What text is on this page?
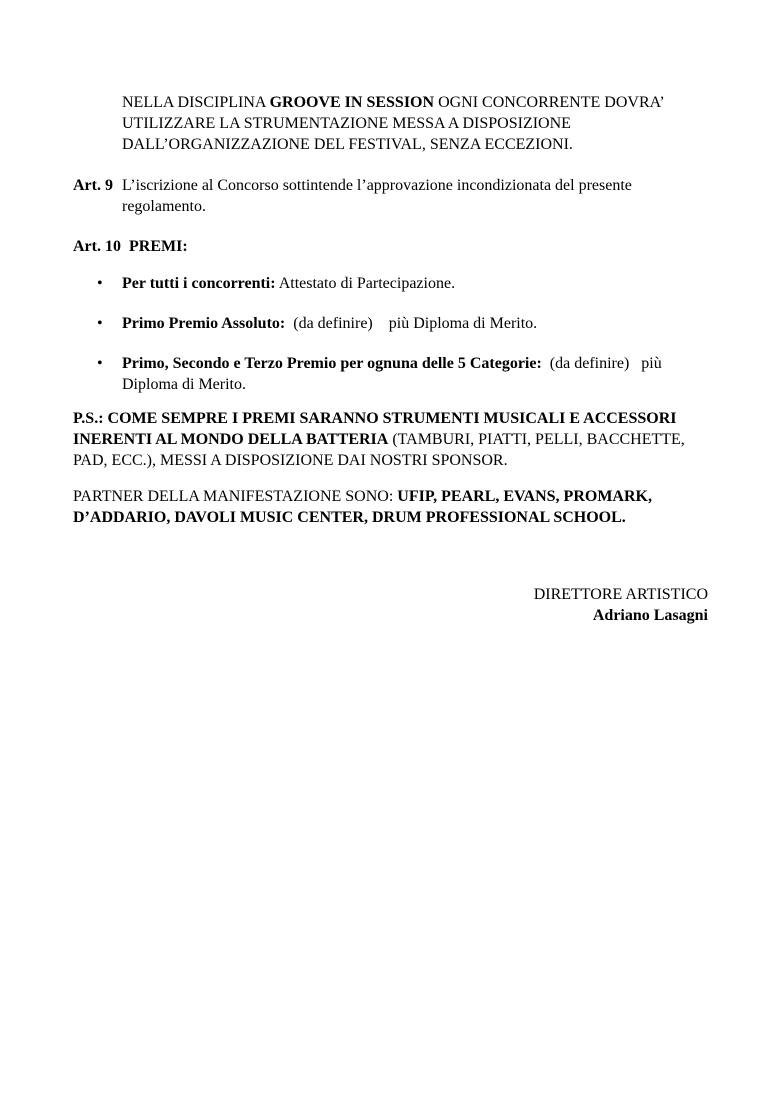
NELLA DISCIPLINA GROOVE IN SESSION OGNI CONCORRENTE DOVRA’
UTILIZZARE LA STRUMENTAZIONE MESSA A DISPOSIZIONE
DALL’ORGANIZZAZIONE DEL FESTIVAL, SENZA ECCEZIONI.
Art. 9 L’iscrizione al Concorso sottintende l’approvazione incondizionata del presente
regolamento.
Art. 10  PREMI:
• Per tutti i concorrenti: Attestato di Partecipazione.
• Primo Premio Assoluto:  (da definire)    più Diploma di Merito.
• Primo, Secondo e Terzo Premio per ognuna delle 5 Categorie:  (da definire)   più
Diploma di Merito.
P.S.: COME SEMPRE I PREMI SARANNO STRUMENTI MUSICALI E ACCESSORI
INERENTI AL MONDO DELLA BATTERIA (TAMBURI, PIATTI, PELLI, BACCHETTE,
PAD, ECC.), MESSI A DISPOSIZIONE DAI NOSTRI SPONSOR.
PARTNER DELLA MANIFESTAZIONE SONO: UFIP, PEARL, EVANS, PROMARK,
D’ADDARIO, DAVOLI MUSIC CENTER, DRUM PROFESSIONAL SCHOOL.
DIRETTORE ARTISTICO
Adriano Lasagni
